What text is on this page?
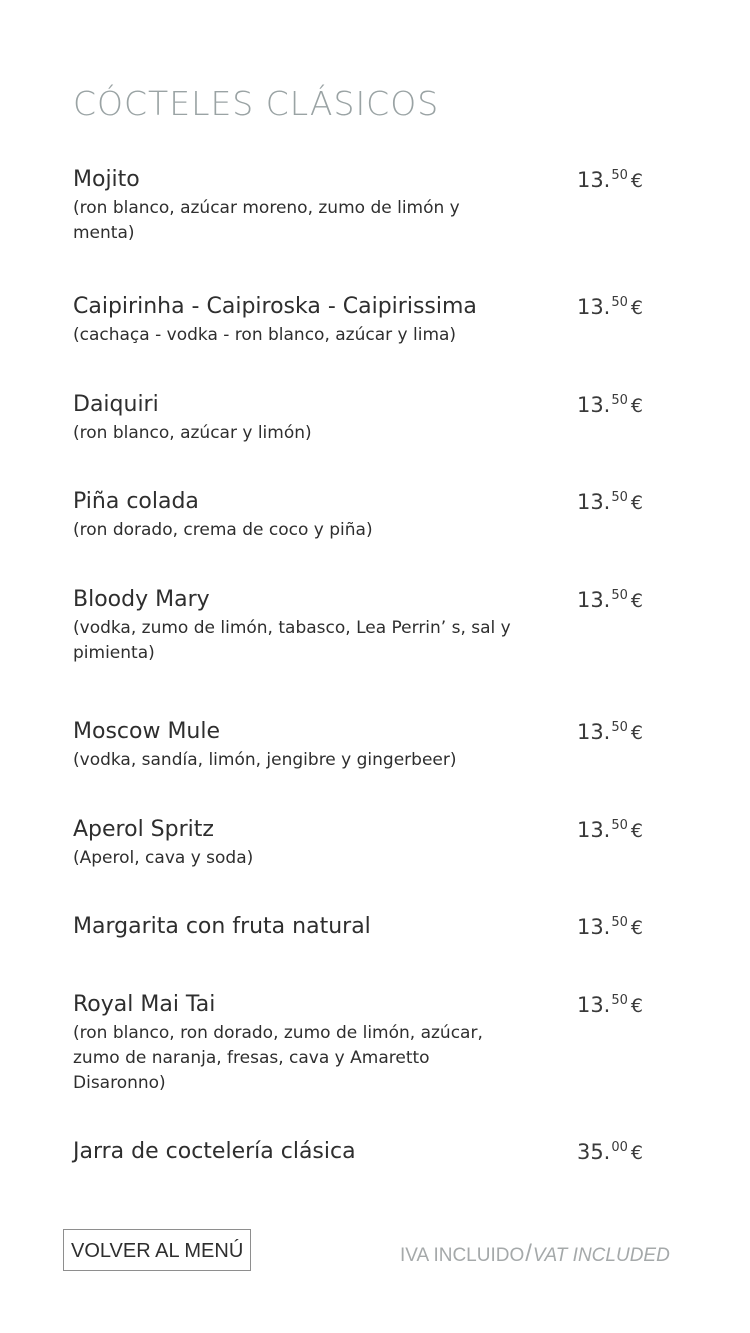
CÓCTELES CLÁSICOS
Mojito
(ron blanco, azúcar moreno, zumo de limón y menta)
13.50 €
Caipirinha - Caipiroska - Caipirissima
(cachaça - vodka - ron blanco, azúcar y lima)
13.50 €
Daiquiri
(ron blanco, azúcar y limón)
13.50 €
Piña colada
(ron dorado, crema de coco y piña)
13.50 €
Bloody Mary
(vodka, zumo de limón, tabasco, Lea Perrin’ s, sal y pimienta)
13.50 €
Moscow Mule
(vodka, sandía, limón, jengibre y gingerbeer)
13.50 €
Aperol Spritz
(Aperol, cava y soda)
13.50 €
Margarita con fruta natural	13.50 €
Royal Mai Tai
(ron blanco, ron dorado, zumo de limón, azúcar, zumo de naranja, fresas, cava y Amaretto Disaronno)
13.50 €
Jarra de coctelería clásica	35.00 €
VOLVER AL MENÚ	IVA INCLUIDO/VAT INCLUDED
